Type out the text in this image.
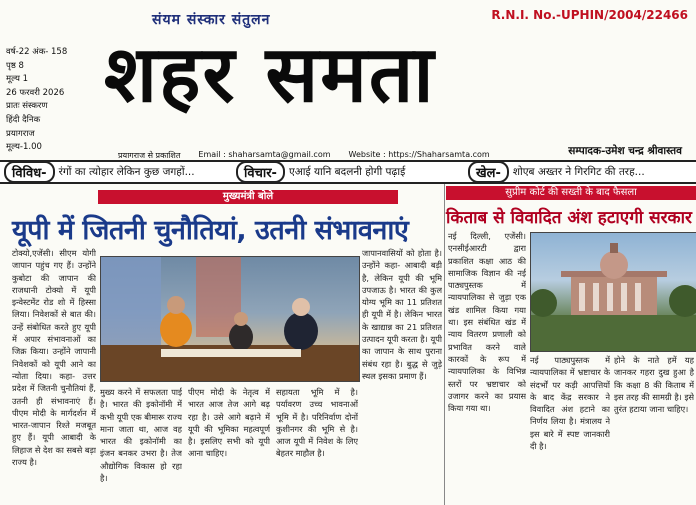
संयम संस्कार संतुलन	R.N.I. No.-UPHIN/2004/22466
वर्ष-22 अंक- 158
पृष्ठ 8
मूल्य 1
26 फरवरी 2026
प्रातः संस्करण
हिंदी दैनिक
प्रयागराज
मूल्य-1.00
शहर समता
प्रयागराज से प्रकाशित Email : shaharsamta@gmail.com Website : https://Shaharsamta.com	सम्पादक-उमेश चन्द्र श्रीवास्तव
विविध-	रंगों का त्योहार लेकिन कुछ जगहों...	विचार-	एआई यानि बदलनी होगी पढ़ाई	खेल-	शोएब अख्तर ने गिरगिट की तरह...
मुख्यमंत्री बोले
यूपी में जितनी चुनौतियां, उतनी संभावनाएं
टोक्यो,एजेंसी। सीएम योगी जापान पहुंच गए हैं। उन्होंने कुबोटा की जापान की राजधानी टोक्यो में यूपी इन्वेस्टमेंट रोड शो में हिस्सा लिया। निवेशकों से बात की। उन्हें संबोधित करते हुए यूपी में अपार संभावनाओं का जिक्र किया। उन्होंने जापानी निवेशकों को यूपी आने का न्योता दिया। कहा- उत्तर प्रदेश में जितनी चुनौतियां हैं, उतनी ही संभावनाएं हैं। पीएम मोदी के मार्गदर्शन में भारत-जापान रिश्ते मजबूत हुए हैं। यूपी आबादी के लिहाज से देश का सबसे बड़ा राज्य है।
मुख्य करने में सफलता पाई है। भारत की इकोनॉमी में कभी यूपी एक बीमारू राज्य माना जाता था, आज वह भारत की इकोनॉमी का इंजन बनकर उभरा है। तेज औद्योगिक विकास हो रहा है।
पीएम मोदी के नेतृत्व में भारत आज तेज आगे बढ़ रहा है। उसे आगे बढ़ाने में यूपी की भूमिका महत्वपूर्ण है। इसलिए सभी को यूपी आना चाहिए।
सहायता भूमि में है। पर्यावरण उच्च भावनाओं भूमि में है। परिनिर्वाण दोनों कुशीनगर की भूमि से है। आज यूपी में निवेश के लिए बेहतर माहौल है।
जापानवासियों को होता है। उन्होंने कहा- आबादी बड़ी है, लेकिन यूपी की भूमि उपजाऊ है। भारत की कुल योग्य भूमि का 11 प्रतिशत ही यूपी में है। लेकिन भारत के खाद्यान्न का 21 प्रतिशत उत्पादन यूपी करता है। यूपी का जापान के साथ पुराना संबंध रहा है। बुद्ध से जुड़े स्थल इसका प्रमाण हैं।
सुप्रीम कोर्ट की सख्ती के बाद फैसला
किताब से विवादित अंश हटाएगी सरकार
नई दिल्ली, एजेंसी। एनसीईआरटी द्वारा प्रकाशित कक्षा आठ की सामाजिक विज्ञान की नई पाठ्यपुस्तक में न्यायपालिका से जुड़ा एक खंड शामिल किया गया था। इस संबंधित खंड में न्याय वितरण प्रणाली को प्रभावित करने वाले कारकों के रूप में न्यायपालिका के विभिन्न स्तरों पर भ्रष्टाचार को उजागर करने का प्रयास किया गया था।
नई पाठ्यपुस्तक में न्यायपालिका में भ्रष्टाचार के संदर्भों पर कड़ी आपत्तियों के बाद केंद्र सरकार ने विवादित अंश हटाने का निर्णय लिया है। मंत्रालय ने इस बारे में स्पष्ट जानकारी दी है।
होने के नाते हमें यह जानकर गहरा दुख हुआ है कि कक्षा 8 की किताब में इस तरह की सामग्री है। इसे तुरंत हटाया जाना चाहिए।
